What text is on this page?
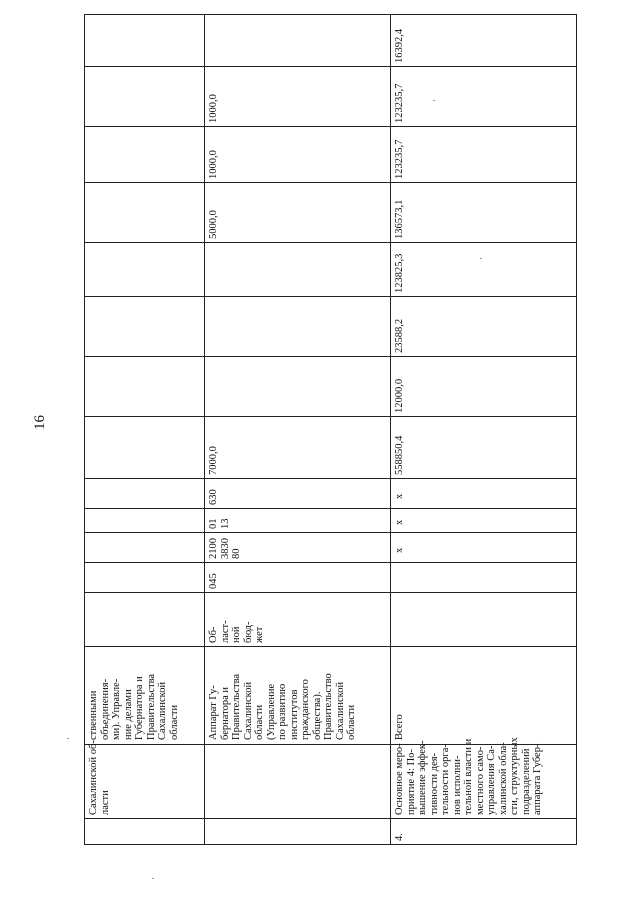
16
Сахалинской об-
ласти
ственными
объединения-
ми). Управле-
ние делами
Губернатора и
Правительства
Сахалинской
области	Аппарат Гу-
бернатора и
Правительства
Сахалинской
области
(Управление
по развитию
институтов
гражданского
общества).
Правительство
Сахалинской
области
Об-
ласт-
ной
бюд-
жет
045
2100
3830
80
01
13
630
7000,0
5000,0
1000,0
1000,0
4.
Основное меро-
приятие 4: По-
вышение эффек-
тивности дея-
тельности орга-
нов исполни-
тельной власти и
местного само-
управления Са-
халинской обла-
сти, структурных
подразделений
аппарата Губер-
Всего
х
х
х
558850,4
12000,0
23588,2
123825,3
136573,1
123235,7
123235,7
16392,4
